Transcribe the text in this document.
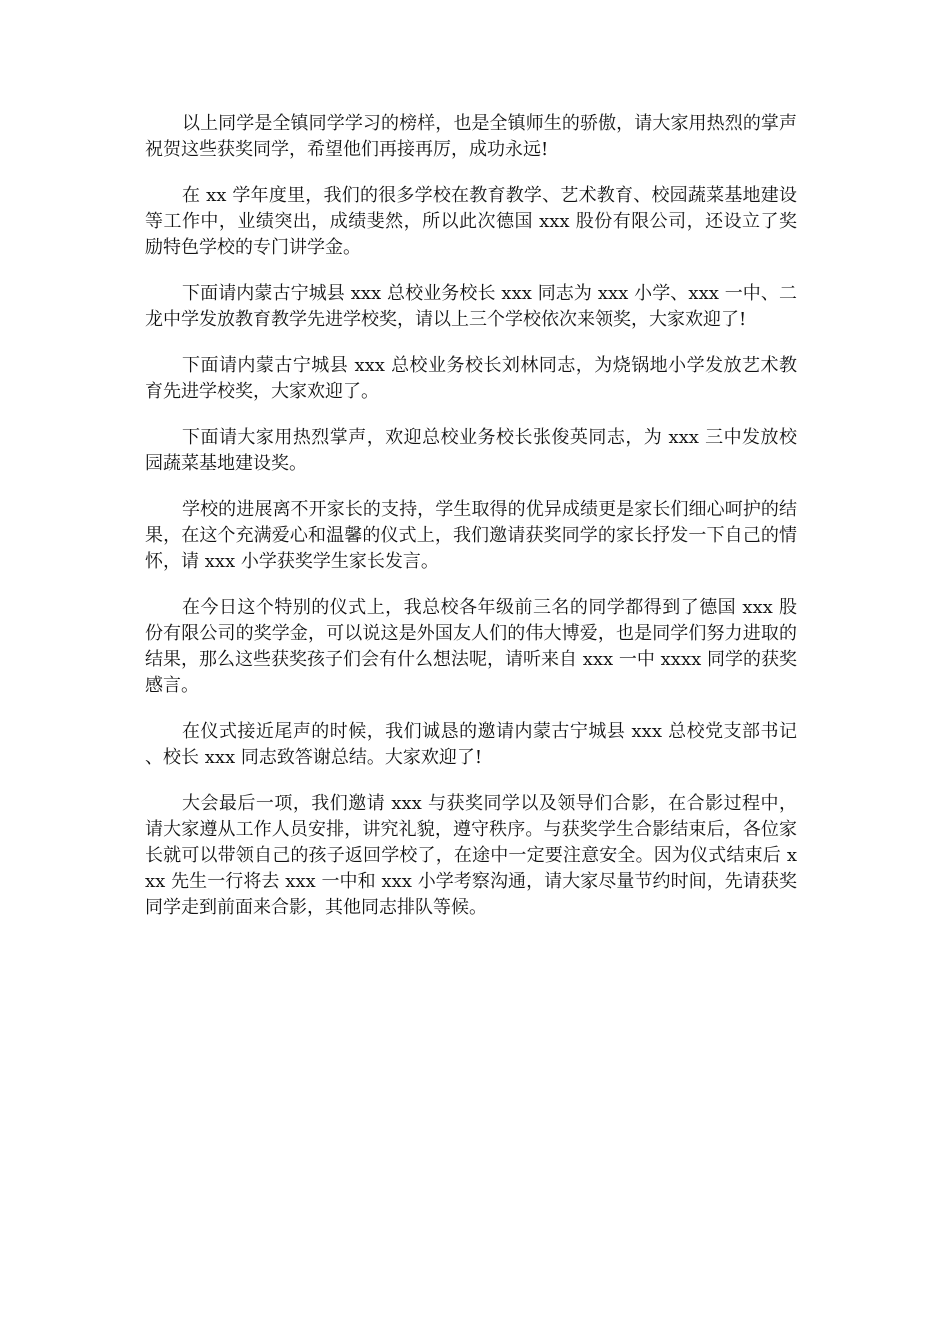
以上同学是全镇同学学习的榜样，也是全镇师生的骄傲，请大家用热烈的掌声祝贺这些获奖同学，希望他们再接再厉，成功永远!

在 xx 学年度里，我们的很多学校在教育教学、艺术教育、校园蔬菜基地建设等工作中，业绩突出，成绩斐然，所以此次德国 xxx 股份有限公司，还设立了奖励特色学校的专门讲学金。

下面请内蒙古宁城县 xxx 总校业务校长 xxx 同志为 xxx 小学、xxx 一中、二龙中学发放教育教学先进学校奖，请以上三个学校依次来领奖，大家欢迎了!

下面请内蒙古宁城县 xxx 总校业务校长刘林同志，为烧锅地小学发放艺术教育先进学校奖，大家欢迎了。

下面请大家用热烈掌声，欢迎总校业务校长张俊英同志，为 xxx 三中发放校园蔬菜基地建设奖。

学校的进展离不开家长的支持，学生取得的优异成绩更是家长们细心呵护的结果，在这个充满爱心和温馨的仪式上，我们邀请获奖同学的家长抒发一下自己的情怀，请 xxx 小学获奖学生家长发言。

在今日这个特别的仪式上，我总校各年级前三名的同学都得到了德国 xxx 股份有限公司的奖学金，可以说这是外国友人们的伟大博爱，也是同学们努力进取的结果，那么这些获奖孩子们会有什么想法呢，请听来自 xxx 一中 xxxx 同学的获奖感言。

在仪式接近尾声的时候，我们诚恳的邀请内蒙古宁城县 xxx 总校党支部书记、校长 xxx 同志致答谢总结。大家欢迎了!

大会最后一项，我们邀请 xxx 与获奖同学以及领导们合影，在合影过程中，请大家遵从工作人员安排，讲究礼貌，遵守秩序。与获奖学生合影结束后，各位家长就可以带领自己的孩子返回学校了，在途中一定要注意安全。因为仪式结束后 xxx 先生一行将去 xxx 一中和 xxx 小学考察沟通，请大家尽量节约时间，先请获奖同学走到前面来合影，其他同志排队等候。
